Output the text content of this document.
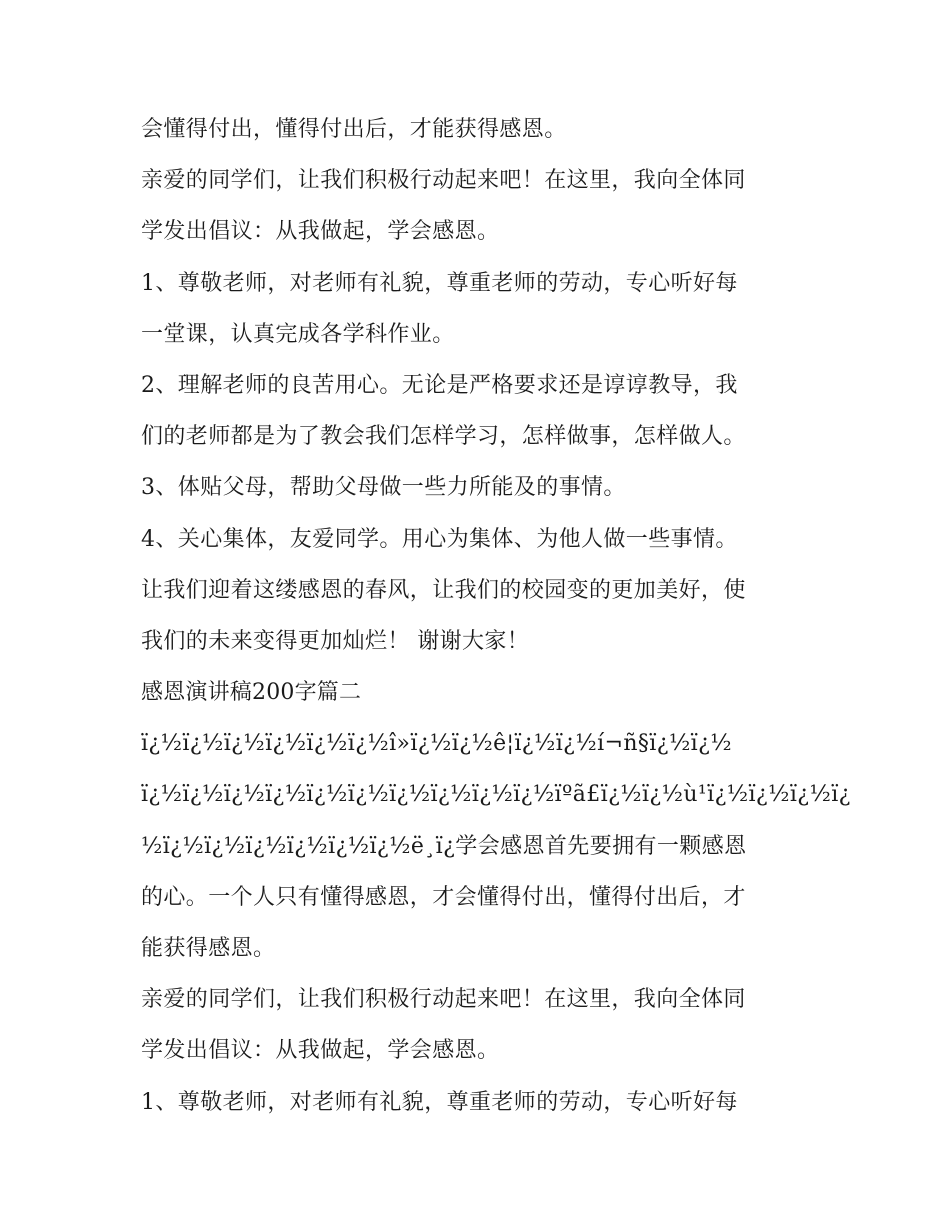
会懂得付出，懂得付出后，才能获得感恩。
亲爱的同学们，让我们积极行动起来吧！在这里，我向全体同
学发出倡议：从我做起，学会感恩。
1、尊敬老师，对老师有礼貌，尊重老师的劳动，专心听好每
一堂课，认真完成各学科作业。
2、理解老师的良苦用心。无论是严格要求还是谆谆教导，我
们的老师都是为了教会我们怎样学习，怎样做事，怎样做人。
3、体贴父母，帮助父母做一些力所能及的事情。
4、关心集体，友爱同学。用心为集体、为他人做一些事情。
让我们迎着这缕感恩的春风，让我们的校园变的更加美好，使
我们的未来变得更加灿烂！ 谢谢大家！
感恩演讲稿200字篇二
ï¿½ï¿½ï¿½ï¿½ï¿½ï¿½î»ï¿½ï¿½ê¦ï¿½ï¿½í¬ñ§ï¿½ï¿½
ï¿½ï¿½ï¿½ï¿½ï¿½ï¿½ï¿½ï¿½ï¿½ï¿½ïºã£ï¿½ï¿½ù¹ï¿½ï¿½ï¿½ï¿
½ï¿½ï¿½ï¿½ï¿½ï¿½ï¿½ë¸ï¿学会感恩首先要拥有一颗感恩
的心。一个人只有懂得感恩，才会懂得付出，懂得付出后，才
能获得感恩。
亲爱的同学们，让我们积极行动起来吧！在这里，我向全体同
学发出倡议：从我做起，学会感恩。
1、尊敬老师，对老师有礼貌，尊重老师的劳动，专心听好每
